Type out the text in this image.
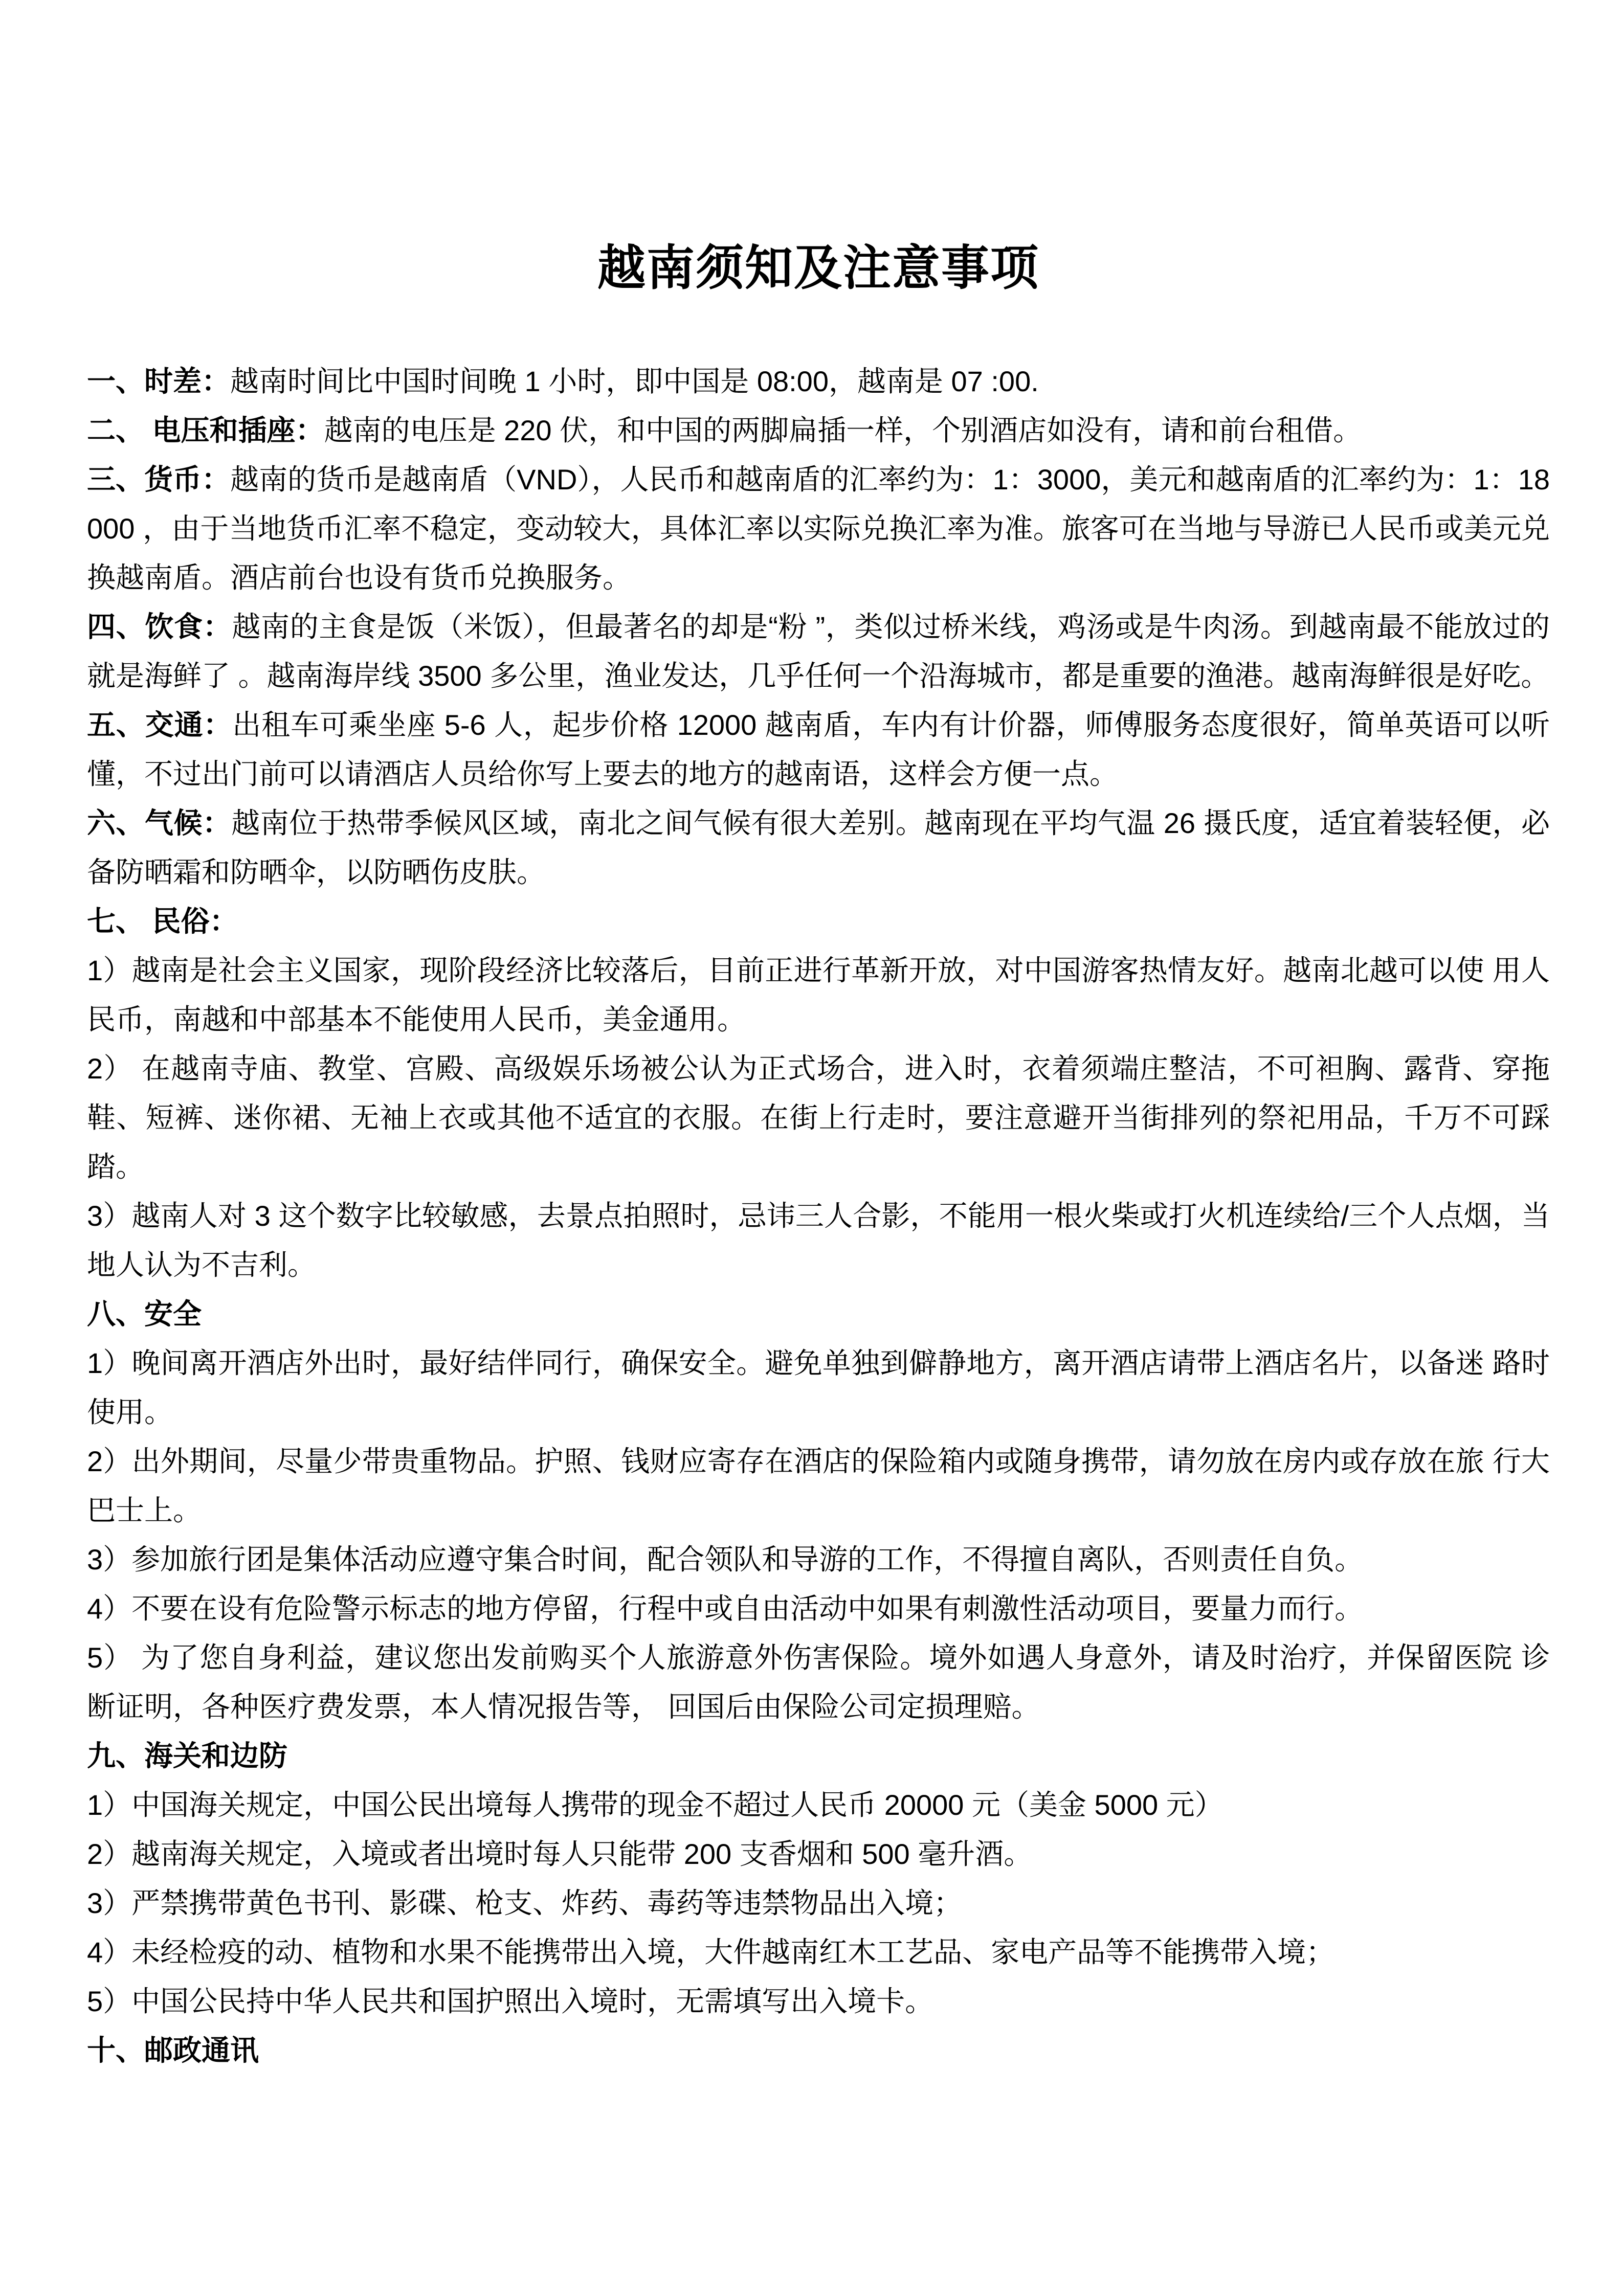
越南须知及注意事项

一、时差：越南时间比中国时间晚 1 小时，即中国是 08:00，越南是 07 :00.

二、 电压和插座：越南的电压是 220 伏，和中国的两脚扁插一样，个别酒店如没有，请和前台租借。

三、货币：越南的货币是越南盾（VND），人民币和越南盾的汇率约为：1：3000，美元和越南盾的汇率约为：1：18000 ，由于当地货币汇率不稳定，变动较大，具体汇率以实际兑换汇率为准。旅客可在当地与导游已人民币或美元兑换越南盾。酒店前台也设有货币兑换服务。

四、饮食：越南的主食是饭（米饭），但最著名的却是“粉 ”，类似过桥米线，鸡汤或是牛肉汤。到越南最不能放过的就是海鲜了 。越南海岸线 3500 多公里，渔业发达，几乎任何一个沿海城市，都是重要的渔港。越南海鲜很是好吃。

五、交通：出租车可乘坐座 5-6 人，起步价格 12000 越南盾，车内有计价器，师傅服务态度很好，简单英语可以听懂，不过出门前可以请酒店人员给你写上要去的地方的越南语，这样会方便一点。

六、气候：越南位于热带季候风区域，南北之间气候有很大差别。越南现在平均气温 26 摄氏度，适宜着装轻便，必备防晒霜和防晒伞，以防晒伤皮肤。

七、 民俗：

1）越南是社会主义国家，现阶段经济比较落后，目前正进行革新开放，对中国游客热情友好。越南北越可以使 用人民币，南越和中部基本不能使用人民币，美金通用。

2） 在越南寺庙、教堂、宫殿、高级娱乐场被公认为正式场合，进入时，衣着须端庄整洁，不可袒胸、露背、穿拖鞋、短裤、迷你裙、无袖上衣或其他不适宜的衣服。在街上行走时，要注意避开当街排列的祭祀用品，千万不可踩踏。

3）越南人对 3 这个数字比较敏感，去景点拍照时，忌讳三人合影，不能用一根火柴或打火机连续给/三个人点烟，当地人认为不吉利。

八、安全

1）晚间离开酒店外出时，最好结伴同行，确保安全。避免单独到僻静地方，离开酒店请带上酒店名片，以备迷 路时使用。

2）出外期间，尽量少带贵重物品。护照、钱财应寄存在酒店的保险箱内或随身携带，请勿放在房内或存放在旅 行大巴士上。

3）参加旅行团是集体活动应遵守集合时间，配合领队和导游的工作，不得擅自离队，否则责任自负。

4）不要在设有危险警示标志的地方停留，行程中或自由活动中如果有刺激性活动项目，要量力而行。

5） 为了您自身利益，建议您出发前购买个人旅游意外伤害保险。境外如遇人身意外，请及时治疗，并保留医院 诊断证明，各种医疗费发票，本人情况报告等， 回国后由保险公司定损理赔。

九、海关和边防

1）中国海关规定，中国公民出境每人携带的现金不超过人民币 20000 元（美金 5000 元）

2）越南海关规定，入境或者出境时每人只能带 200 支香烟和 500 毫升酒。

3）严禁携带黄色书刊、影碟、枪支、炸药、毒药等违禁物品出入境；

4）未经检疫的动、植物和水果不能携带出入境，大件越南红木工艺品、家电产品等不能携带入境；

5）中国公民持中华人民共和国护照出入境时，无需填写出入境卡。

十、邮政通讯
